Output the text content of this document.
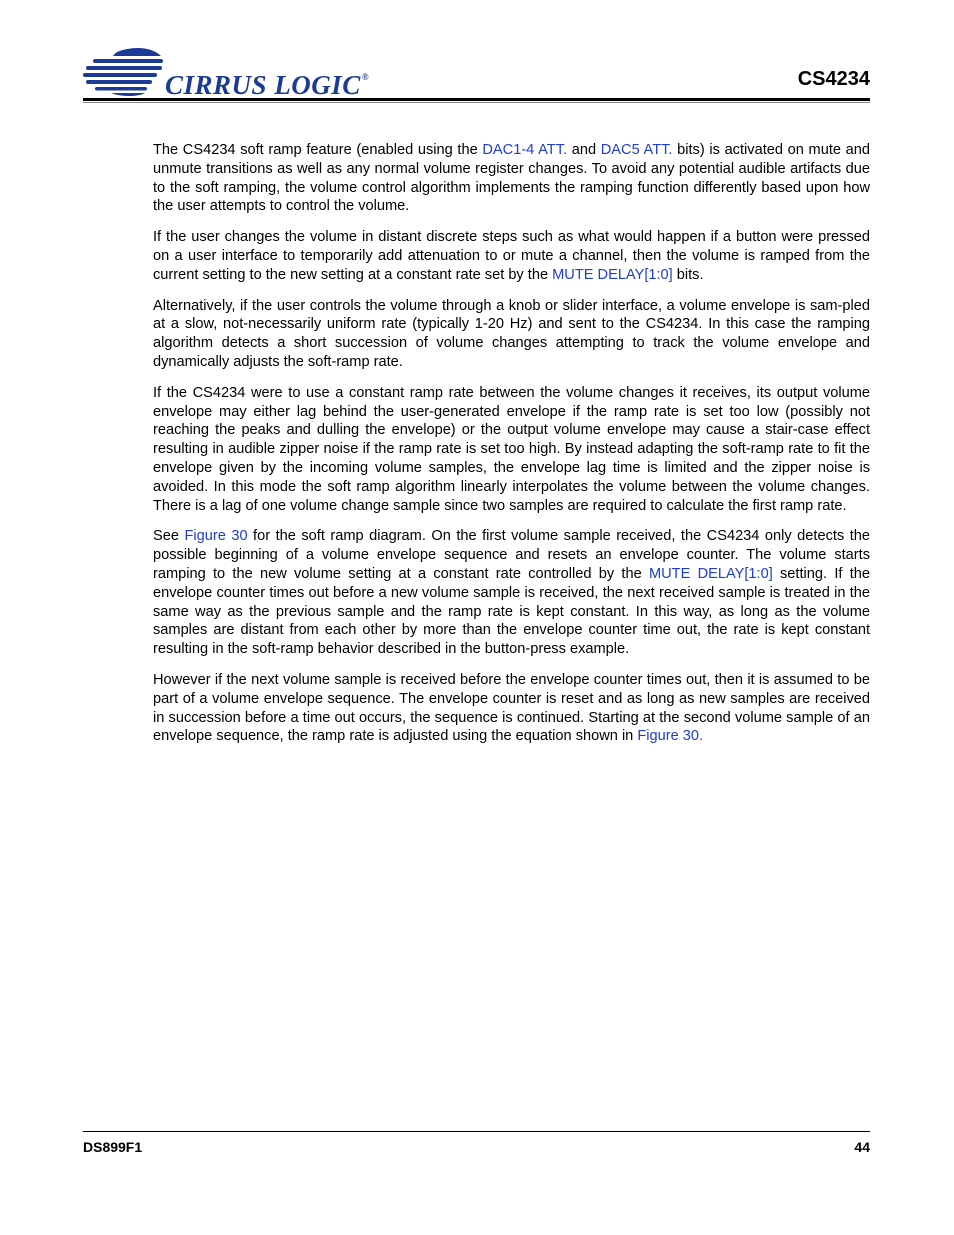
CIRRUS LOGIC®	CS4234

The CS4234 soft ramp feature (enabled using the DAC1-4 ATT. and DAC5 ATT. bits) is activated on mute and unmute transitions as well as any normal volume register changes. To avoid any potential audible artifacts due to the soft ramping, the volume control algorithm implements the ramping function differently based upon how the user attempts to control the volume.

If the user changes the volume in distant discrete steps such as what would happen if a button were pressed on a user interface to temporarily add attenuation to or mute a channel, then the volume is ramped from the current setting to the new setting at a constant rate set by the MUTE DELAY[1:0] bits.

Alternatively, if the user controls the volume through a knob or slider interface, a volume envelope is sam-pled at a slow, not-necessarily uniform rate (typically 1-20 Hz) and sent to the CS4234. In this case the ramping algorithm detects a short succession of volume changes attempting to track the volume envelope and dynamically adjusts the soft-ramp rate.

If the CS4234 were to use a constant ramp rate between the volume changes it receives, its output volume envelope may either lag behind the user-generated envelope if the ramp rate is set too low (possibly not reaching the peaks and dulling the envelope) or the output volume envelope may cause a stair-case effect resulting in audible zipper noise if the ramp rate is set too high. By instead adapting the soft-ramp rate to fit the envelope given by the incoming volume samples, the envelope lag time is limited and the zipper noise is avoided. In this mode the soft ramp algorithm linearly interpolates the volume between the volume changes. There is a lag of one volume change sample since two samples are required to calculate the first ramp rate.

See Figure 30 for the soft ramp diagram. On the first volume sample received, the CS4234 only detects the possible beginning of a volume envelope sequence and resets an envelope counter. The volume starts ramping to the new volume setting at a constant rate controlled by the MUTE DELAY[1:0] setting. If the envelope counter times out before a new volume sample is received, the next received sample is treated in the same way as the previous sample and the ramp rate is kept constant. In this way, as long as the volume samples are distant from each other by more than the envelope counter time out, the rate is kept constant resulting in the soft-ramp behavior described in the button-press example.

However if the next volume sample is received before the envelope counter times out, then it is assumed to be part of a volume envelope sequence. The envelope counter is reset and as long as new samples are received in succession before a time out occurs, the sequence is continued. Starting at the second volume sample of an envelope sequence, the ramp rate is adjusted using the equation shown in Figure 30.

DS899F1	44
